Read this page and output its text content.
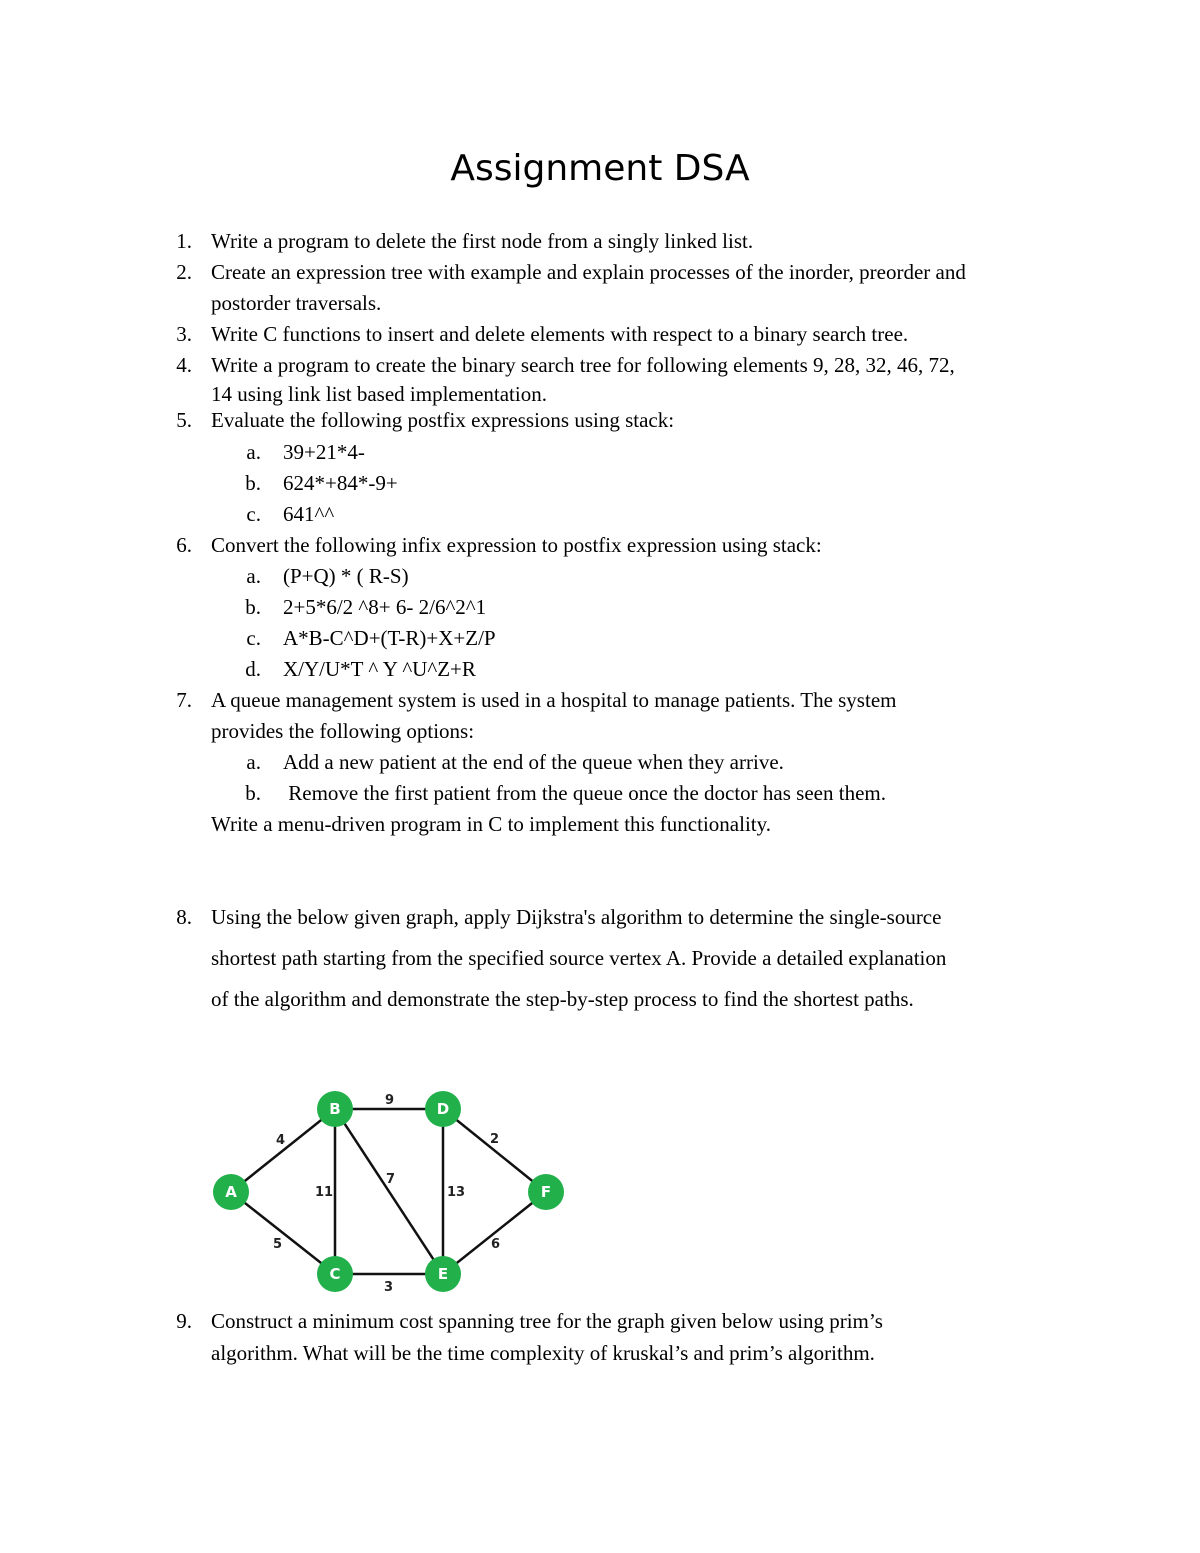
Assignment DSA
1. Write a program to delete the first node from a singly linked list.
2. Create an expression tree with example and explain processes of the inorder, preorder and
postorder traversals.
3. Write C functions to insert and delete elements with respect to a binary search tree.
4. Write a program to create the binary search tree for following elements 9, 28, 32, 46, 72,
14 using link list based implementation.
5. Evaluate the following postfix expressions using stack:
a. 39+21*4-
b. 624*+84*-9+
c. 641^^
6. Convert the following infix expression to postfix expression using stack:
a. (P+Q) * ( R-S)
b. 2+5*6/2 ^8+ 6- 2/6^2^1
c. A*B-C^D+(T-R)+X+Z/P
d. X/Y/U*T ^ Y ^U^Z+R
7. A queue management system is used in a hospital to manage patients. The system
provides the following options:
a. Add a new patient at the end of the queue when they arrive.
b. Remove the first patient from the queue once the doctor has seen them.
Write a menu-driven program in C to implement this functionality.
8. Using the below given graph, apply Dijkstra's algorithm to determine the single-source
shortest path starting from the specified source vertex A. Provide a detailed explanation
of the algorithm and demonstrate the step-by-step process to find the shortest paths.
4
5
9
11
7
3
13
2
6
A
B
C
D
E
F
9. Construct a minimum cost spanning tree for the graph given below using prim’s
algorithm. What will be the time complexity of kruskal’s and prim’s algorithm.
